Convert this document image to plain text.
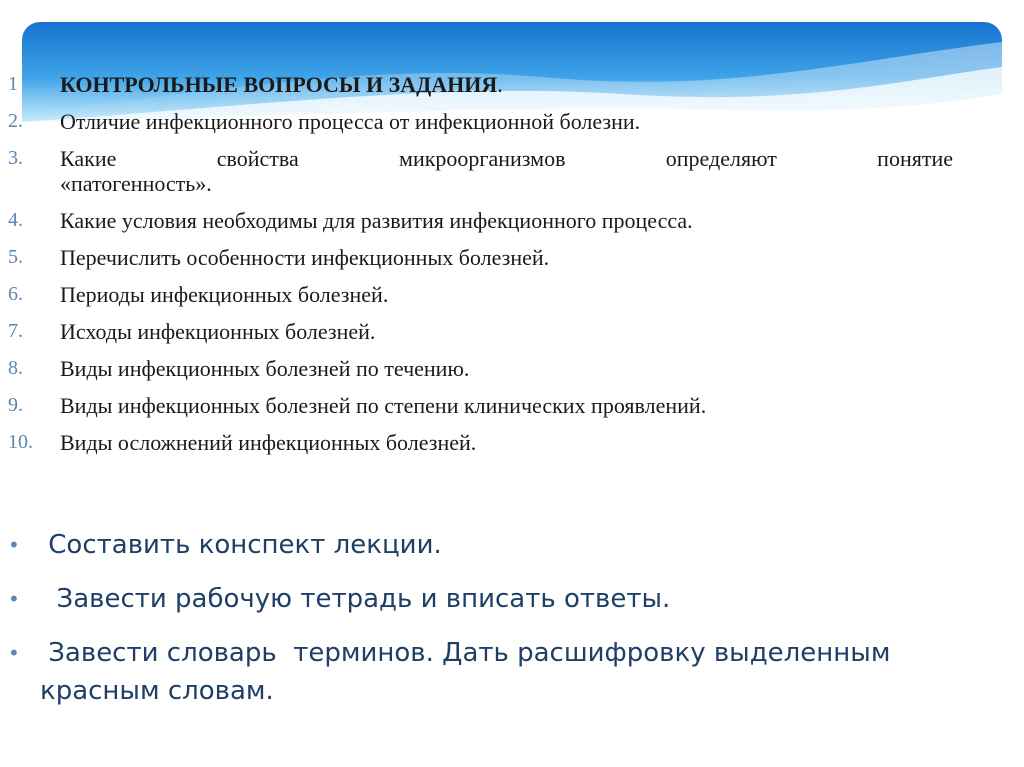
1 КОНТРОЛЬНЫЕ ВОПРОСЫ И ЗАДАНИЯ.
2. Отличие инфекционного процесса от инфекционной болезни.
3. Какие свойства микроорганизмов определяют понятие
«патогенность».
4. Какие условия необходимы для развития инфекционного процесса.
5. Перечислить особенности инфекционных болезней.
6. Периоды инфекционных болезней.
7. Исходы инфекционных болезней.
8. Виды инфекционных болезней по течению.
9. Виды инфекционных болезней по степени клинических проявлений.
10. Виды осложнений инфекционных болезней.
• Составить конспект лекции.
• Завести рабочую тетрадь и вписать ответы.
• Завести словарь  терминов. Дать расшифровку выделенным красным словам.
